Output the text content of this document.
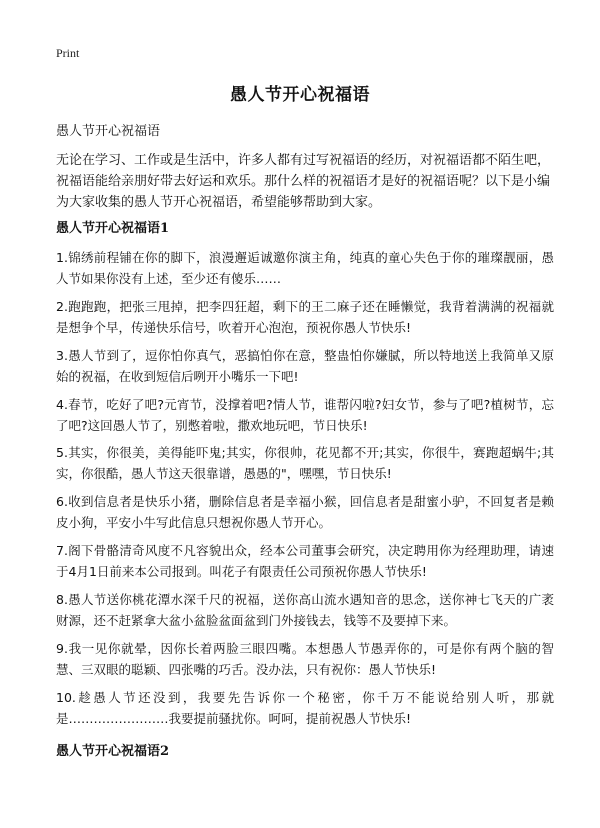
Print
愚人节开心祝福语
愚人节开心祝福语
无论在学习、工作或是生活中，许多人都有过写祝福语的经历，对祝福语都不陌生吧，祝福语能给亲朋好带去好运和欢乐。那什么样的祝福语才是好的祝福语呢？以下是小编为大家收集的愚人节开心祝福语，希望能够帮助到大家。
愚人节开心祝福语1
1.锦绣前程铺在你的脚下，浪漫邂逅诚邀你演主角，纯真的童心失色于你的璀璨靓丽，愚人节如果你没有上述，至少还有傻乐……
2.跑跑跑，把张三甩掉，把李四狂超，剩下的王二麻子还在睡懒觉，我背着满满的祝福就是想争个早，传递快乐信号，吹着开心泡泡，预祝你愚人节快乐!
3.愚人节到了，逗你怕你真气，恶搞怕你在意，整蛊怕你嫌腻，所以特地送上我简单又原始的祝福，在收到短信后咧开小嘴乐一下吧!
4.春节，吃好了吧?元宵节，没撑着吧?情人节，谁帮闪啦?妇女节，参与了吧?植树节，忘了吧?这回愚人节了，别憋着啦，撒欢地玩吧，节日快乐!
5.其实，你很美，美得能吓鬼;其实，你很帅，花见都不开;其实，你很牛，赛跑超蜗牛;其实，你很酷，愚人节这天很靠谱，愚愚的"，嘿嘿，节日快乐!
6.收到信息者是快乐小猪，删除信息者是幸福小猴，回信息者是甜蜜小驴，不回复者是赖皮小狗，平安小牛写此信息只想祝你愚人节开心。
7.阁下骨骼清奇风度不凡容貌出众，经本公司董事会研究，决定聘用你为经理助理，请速于4月1日前来本公司报到。叫花子有限责任公司预祝你愚人节快乐!
8.愚人节送你桃花潭水深千尺的祝福，送你高山流水遇知音的思念，送你神七飞天的广袤财源，还不赶紧拿大盆小盆脸盆面盆到门外接钱去，钱等不及要掉下来。
9.我一见你就晕，因你长着两脸三眼四嘴。本想愚人节愚弄你的，可是你有两个脑的智慧、三双眼的聪颖、四张嘴的巧舌。没办法，只有祝你：愚人节快乐!
10.趁愚人节还没到，我要先告诉你一个秘密，你千万不能说给别人听，那就是……………………我要提前骚扰你。呵呵，提前祝愚人节快乐!
愚人节开心祝福语2
